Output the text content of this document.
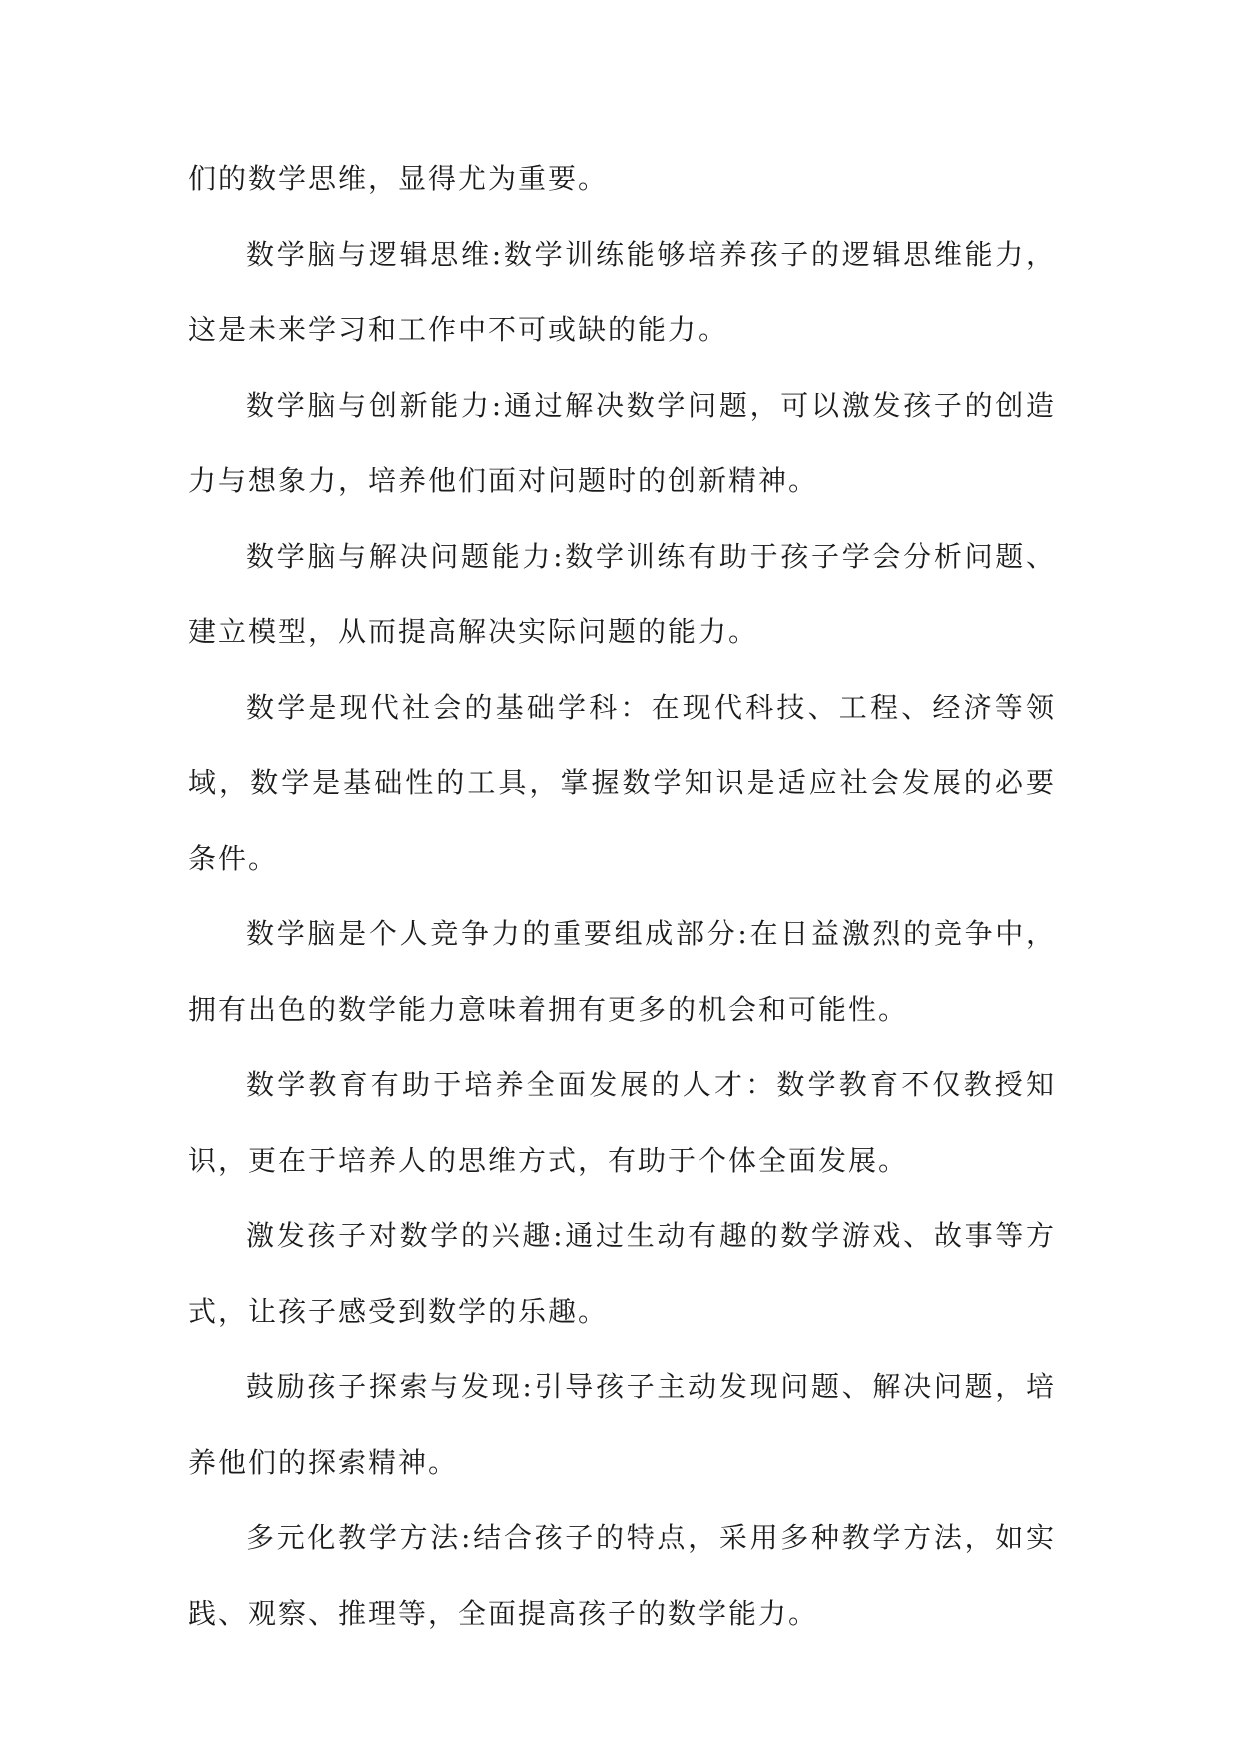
们的数学思维，显得尤为重要。

数学脑与逻辑思维:数学训练能够培养孩子的逻辑思维能力，这是未来学习和工作中不可或缺的能力。

数学脑与创新能力:通过解决数学问题，可以激发孩子的创造力与想象力，培养他们面对问题时的创新精神。

数学脑与解决问题能力:数学训练有助于孩子学会分析问题、建立模型，从而提高解决实际问题的能力。

数学是现代社会的基础学科：在现代科技、工程、经济等领域，数学是基础性的工具，掌握数学知识是适应社会发展的必要条件。

数学脑是个人竞争力的重要组成部分:在日益激烈的竞争中，拥有出色的数学能力意味着拥有更多的机会和可能性。

数学教育有助于培养全面发展的人才：数学教育不仅教授知识，更在于培养人的思维方式，有助于个体全面发展。

激发孩子对数学的兴趣:通过生动有趣的数学游戏、故事等方式，让孩子感受到数学的乐趣。

鼓励孩子探索与发现:引导孩子主动发现问题、解决问题，培养他们的探索精神。

多元化教学方法:结合孩子的特点，采用多种教学方法，如实践、观察、推理等，全面提高孩子的数学能力。
